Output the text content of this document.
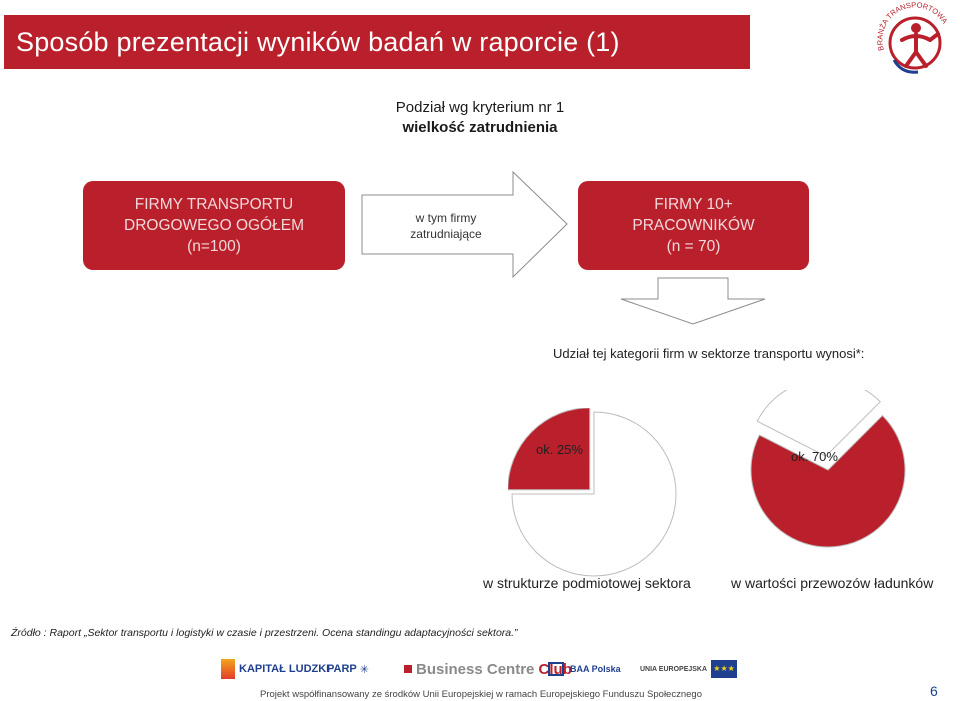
Sposób prezentacji wyników badań w raporcie (1)	BRANŻA TRANSPORTOWA
Podział wg kryterium nr 1
wielkość zatrudnienia
FIRMY TRANSPORTU
DROGOWEGO OGÓŁEM
(n=100)
w tym firmy
zatrudniające
FIRMY 10+
PRACOWNIKÓW
(n = 70)
Udział tej kategorii firm w sektorze transportu wynosi*:
ok. 25%	ok. 70%
w strukturze podmiotowej sektora	w wartości przewozów ładunków
Źródło : Raport „Sektor transportu i logistyki w czasie i przestrzeni. Ocena standingu adaptacyjności sektora.”
KAPITAŁ LUDZKI
PARP ✳	Business Centre
Club
BAA Polska	UNIA EUROPEJSKA ★★★
Projekt współfinansowany ze środków Unii Europejskiej w ramach Europejskiego Funduszu Społecznego	6
